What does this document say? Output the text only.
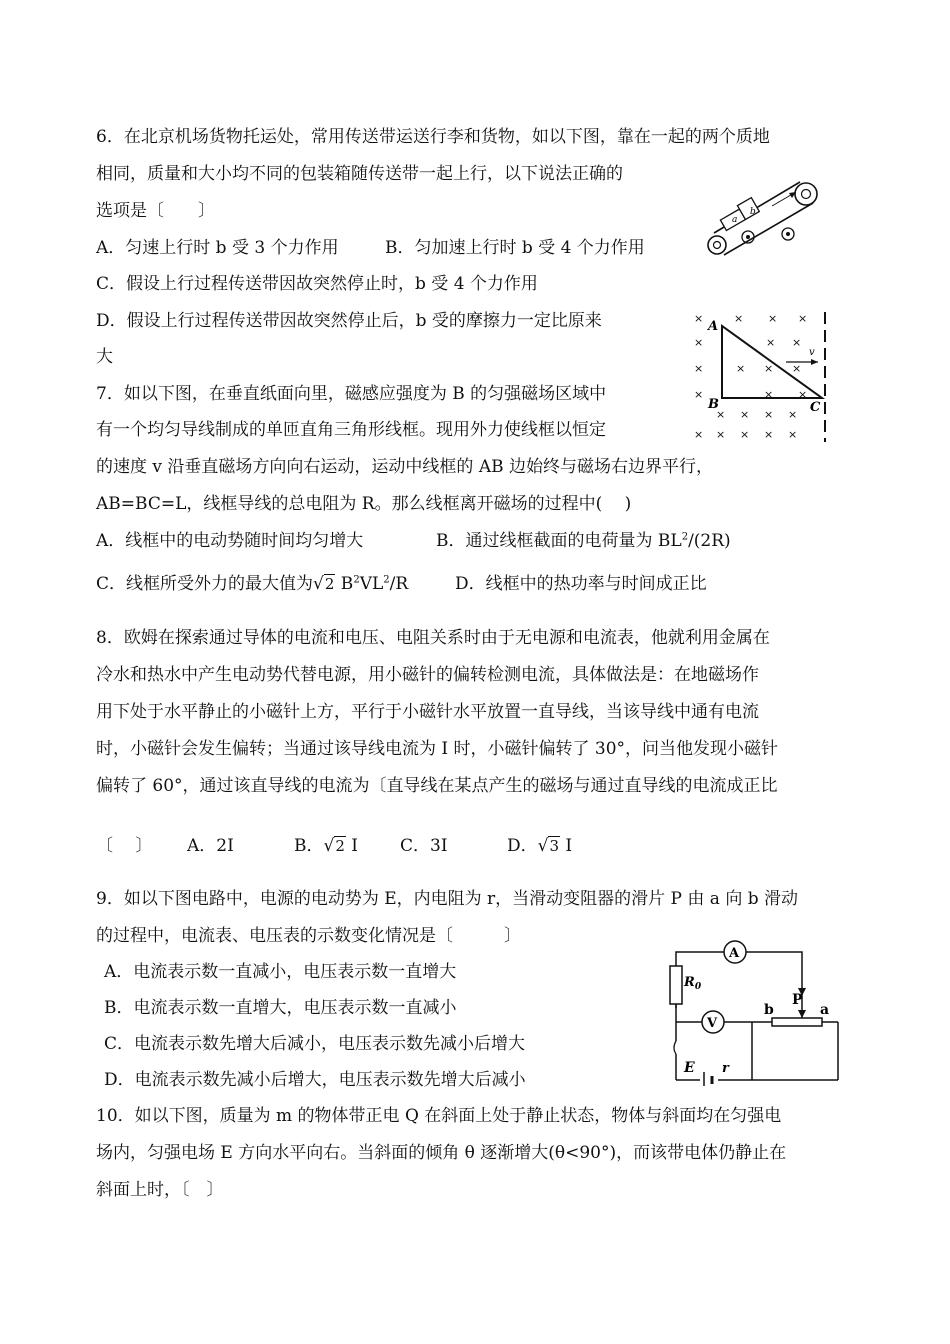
6．在北京机场货物托运处，常用传送带运送行李和货物，如以下图，靠在一起的两个质地
相同，质量和大小均不同的包装箱随传送带一起上行，以下说法正确的
选项是〔　　〕
A．匀速上行时 b 受 3 个力作用	B．匀加速上行时 b 受 4 个力作用
C．假设上行过程传送带因故突然停止时，b 受 4 个力作用
D．假设上行过程传送带因故突然停止后，b 受的摩擦力一定比原来
大
a
b
7．如以下图，在垂直纸面向里，磁感应强度为 B 的匀强磁场区域中
有一个均匀导线制成的单匝直角三角形线框。现用外力使线框以恒定
的速度 v 沿垂直磁场方向向右运动，运动中线框的 AB 边始终与磁场右边界平行，
AB=BC=L，线框导线的总电阻为 R。那么线框离开磁场的过程中(　 )
A．线框中的电动势随时间均匀增大	B．通过线框截面的电荷量为 $BL^2/(2R)$
C．线框所受外力的最大值为√2 $B^2VL^2/R$	D．线框中的热功率与时间成正比
×	× × ×
×	× ×
×	× × ×
×	× ×
× × × ×
× × × × ×
A
B	C
v
8．欧姆在探索通过导体的电流和电压、电阻关系时由于无电源和电流表，他就利用金属在
冷水和热水中产生电动势代替电源，用小磁针的偏转检测电流，具体做法是：在地磁场作
用下处于水平静止的小磁针上方，平行于小磁针水平放置一直导线，当该导线中通有电流
时，小磁针会发生偏转；当通过该导线电流为 I 时，小磁针偏转了 30°，问当他发现小磁针
偏转了 60°，通过该直导线的电流为〔直导线在某点产生的磁场与通过直导线的电流成正比
〔　 〕 A．2I	B．√2 I C．3I	D．√3 I
9．如以下图电路中，电源的电动势为 E，内电阻为 r，当滑动变阻器的滑片 P 由 a 向 b 滑动
的过程中，电流表、电压表的示数变化情况是〔　　　〕
A．电流表示数一直减小，电压表示数一直增大
B．电流表示数一直增大，电压表示数一直减小
C．电流表示数先增大后减小，电压表示数先减小后增大
D．电流表示数先减小后增大，电压表示数先增大后减小
A
V
$R_0$
P
b	a
E r
10．如以下图，质量为 m 的物体带正电 Q 在斜面上处于静止状态，物体与斜面均在匀强电
场内，匀强电场 E 方向水平向右。当斜面的倾角 θ 逐渐增大(θ<90°)，而该带电体仍静止在
斜面上时，〔　〕
